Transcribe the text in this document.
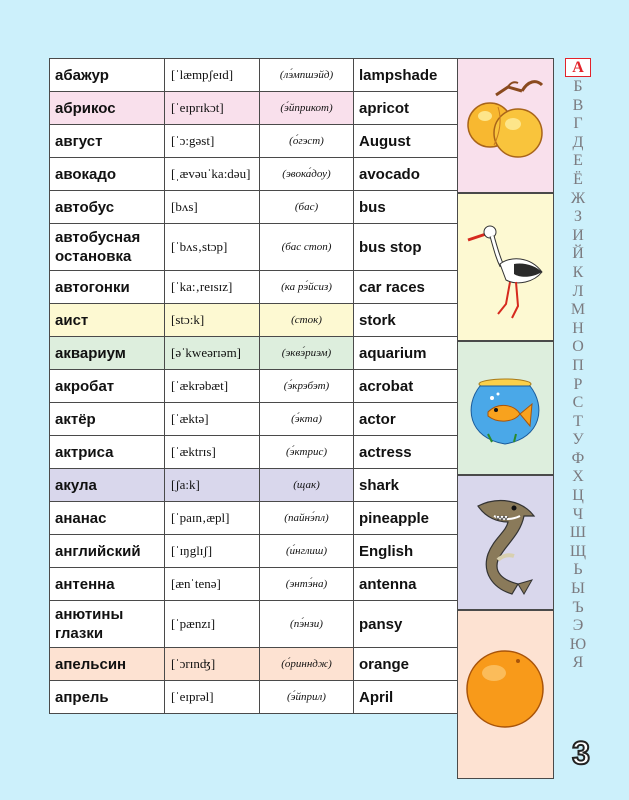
абажур	[ˈlæmpʃeɪd]	(лэ́мпшэйд)	lampshade
абрикос	[ˈeɪprɪkɔt]	(э́йприкот)	apricot
август	[ˈɔ:gəst]	(о́гэст)	August
авокадо	[ˌævəuˈka:dəu]	(эвока́доу)	avocado
автобус	[bʌs]	(бас)	bus
автобусная остановка	[ˈbʌs‚stɔp]	(бас стоп)	bus stop
автогонки	[ˈka:‚reɪsɪz]	(ка рэ́йсиз)	car races
аист	[stɔ:k]	(сток)	stork
аквариум	[əˈkweərɪəm]	(эквэ́риэм)	aquarium
акробат	[ˈækrəbæt]	(э́крэбэт)	acrobat
актёр	[ˈæktə]	(э́кта)	actor
актриса	[ˈæktrɪs]	(э́ктрис)	actress
акула	[ʃa:k]	(щак)	shark
ананас	[ˈpaɪn‚æpl]	(пайнэ́пл)	pineapple
английский	[ˈɪŋglɪʃ]	(и́нглиш)	English
антенна	[ænˈtenə]	(энтэ́на)	antenna
анютины глазки	[ˈpænzɪ]	(пэ́нзи)	pansy
апельсин	[ˈɔrɪnʤ]	(о́ринндж)	orange
апрель	[ˈeɪprəl]	(э́йприл)	April
А
Б
В
Г
Д
Е
Ё
Ж
З
И
Й
К
Л
М
Н
О
П
Р
С
Т
У
Ф
Х
Ц
Ч
Ш
Щ
Ь
Ы
Ъ
Э
Ю
Я
3
